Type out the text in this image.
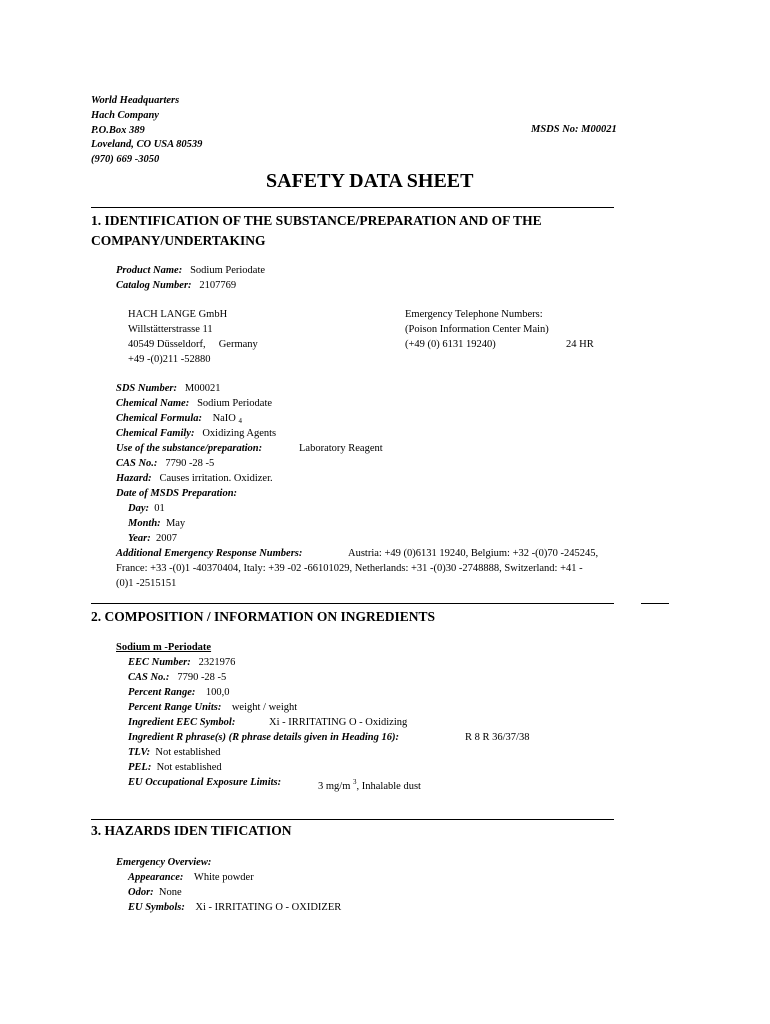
World Headquarters
Hach Company
P.O.Box 389
Loveland, CO USA 80539
(970) 669 -3050
MSDS No: M00021
SAFETY DATA SHEET
1. IDENTIFICATION OF THE SUBSTANCE/PREPARATION AND OF THE
COMPANY/UNDERTAKING
Product Name: Sodium Periodate
Catalog Number: 2107769
HACH LANGE GmbH
Willstätterstrasse 11
40549 Düsseldorf, Germany
+49 -(0)211 -52880
Emergency Telephone Numbers:
(Poison Information Center Main)
(+49 (0) 6131 19240)	24 HR
SDS Number: M00021
Chemical Name: Sodium Periodate
Chemical Formula: NaIO $_4$
Chemical Family: Oxidizing Agents
Use of the substance/preparation:	Laboratory Reagent
CAS No.: 7790 -28 -5
Hazard: Causes irritation. Oxidizer.
Date of MSDS Preparation:
Day: 01
Month: May
Year: 2007
Additional Emergency Response Numbers:	Austria: +49 (0)6131 19240, Belgium: +32 -(0)70 -245245,
France: +33 -(0)1 -40370404, Italy: +39 -02 -66101029, Netherlands: +31 -(0)30 -2748888, Switzerland: +41 -
(0)1 -2515151
2. COMPOSITION / INFORMATION ON INGREDIENTS
Sodium m -Periodate
EEC Number: 2321976
CAS No.: 7790 -28 -5
Percent Range: 100,0
Percent Range Units: weight / weight
Ingredient EEC Symbol:	Xi - IRRITATING O - Oxidizing
Ingredient R phrase(s) (R phrase details given in Heading 16):	R 8 R 36/37/38
TLV: Not established
PEL: Not established
EU Occupational Exposure Limits:	3 mg/m $^3$, Inhalable dust
3. HAZARDS IDEN TIFICATION
Emergency Overview:
Appearance: White powder
Odor: None
EU Symbols: Xi - IRRITATING O - OXIDIZER
